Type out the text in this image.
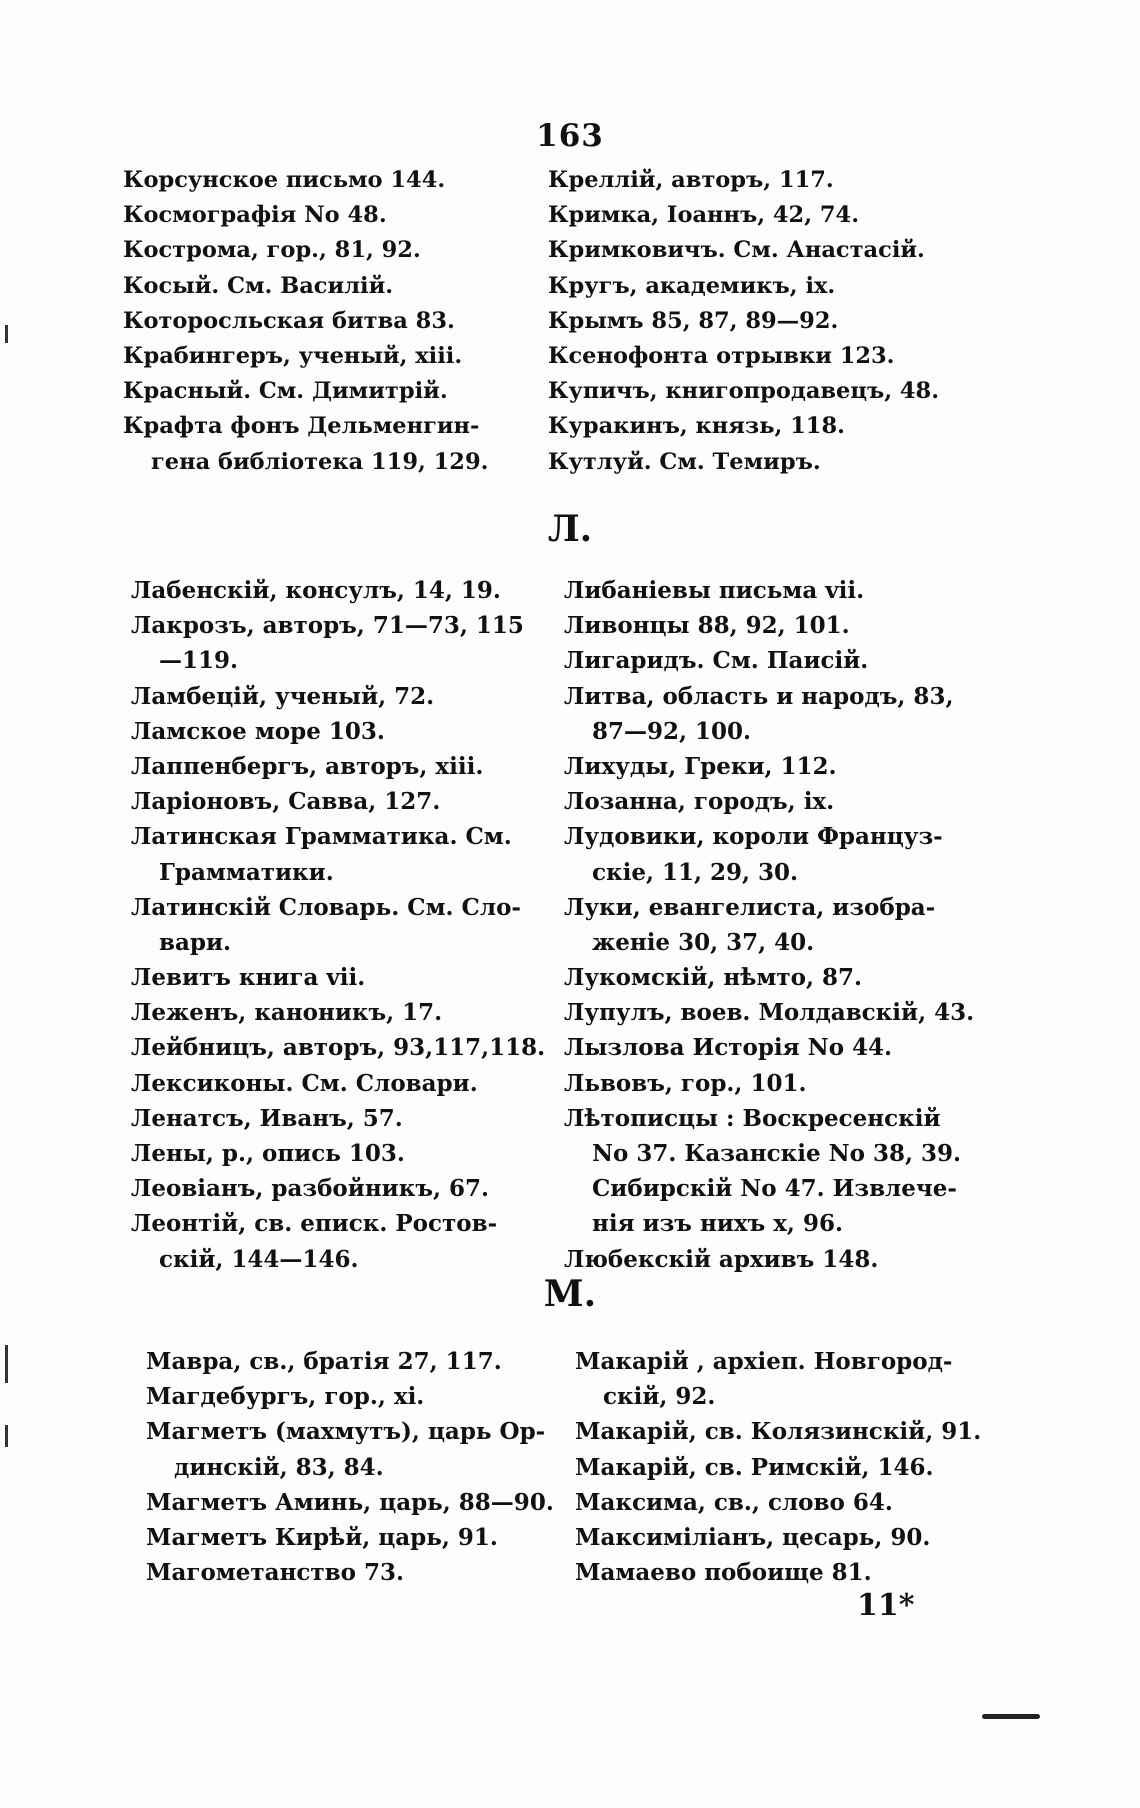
163
Корсунское письмо 144.
Космографія No 48.
Кострома, гор., 81, 92.
Косый. См. Василій.
Которосльская битва 83.
Крабингеръ, ученый, xiii.
Красный. См. Димитрій.
Крафта фонъ Дельменгин-
гена библіотека 119, 129.
Креллій, авторъ, 117.
Кримка, Іоаннъ, 42, 74.
Кримковичъ. См. Анастасій.
Кругъ, академикъ, ix.
Крымъ 85, 87, 89—92.
Ксенофонта отрывки 123.
Купичъ, книгопродавецъ, 48.
Куракинъ, князь, 118.
Кутлуй. См. Темиръ.
Л.
Лабенскій, консулъ, 14, 19.
Лакрозъ, авторъ, 71—73, 115
—119.
Ламбецій, ученый, 72.
Ламское море 103.
Лаппенбергъ, авторъ, xiii.
Ларіоновъ, Савва, 127.
Латинская Грамматика. См.
Грамматики.
Латинскій Словарь. См. Сло-
вари.
Левитъ книга vii.
Леженъ, каноникъ, 17.
Лейбницъ, авторъ, 93,117,118.
Лексиконы. См. Словари.
Ленатсъ, Иванъ, 57.
Лены, р., опись 103.
Леовіанъ, разбойникъ, 67.
Леонтій, св. еписк. Ростов-
скій, 144—146.
Либаніевы письма vii.
Ливонцы 88, 92, 101.
Лигаридъ. См. Паисій.
Литва, область и народъ, 83,
87—92, 100.
Лихуды, Греки, 112.
Лозанна, городъ, ix.
Лудовики, короли Француз-
скіе, 11, 29, 30.
Луки, евангелиста, изобра-
женіе 30, 37, 40.
Лукомскій, нѣмто, 87.
Лупулъ, воев. Молдавскій, 43.
Лызлова Исторія No 44.
Львовъ, гор., 101.
Лѣтописцы : Воскресенскій
No 37. Казанскіе No 38, 39.
Сибирскій No 47. Извлече-
нія изъ нихъ x, 96.
Любекскій архивъ 148.
М.
Мавра, св., братія 27, 117.
Магдебургъ, гор., xi.
Магметъ (махмутъ), царь Ор-
динскій, 83, 84.
Магметъ Аминь, царь, 88—90.
Магметъ Кирѣй, царь, 91.
Магометанство 73.
Макарій , архіеп. Новгород-
скій, 92.
Макарій, св. Колязинскій, 91.
Макарій, св. Римскій, 146.
Максима, св., слово 64.
Максиміліанъ, цесарь, 90.
Мамаево побоище 81.
11*
